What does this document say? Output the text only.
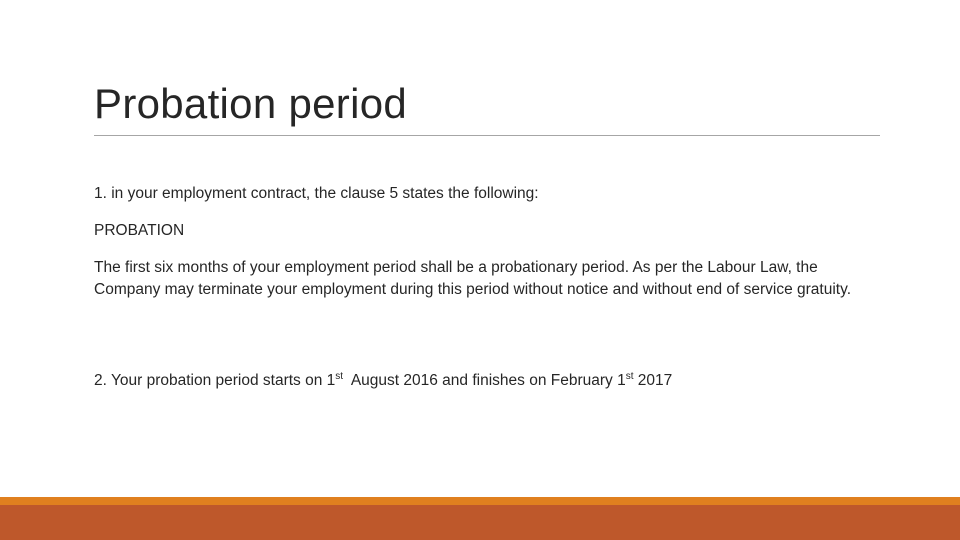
Probation period

1. in your employment contract, the clause 5 states the following:

PROBATION

The first six months of your employment period shall be a probationary period. As per the Labour Law, the Company may terminate your employment during this period without notice and without end of service gratuity.

2. Your probation period starts on 1st  August 2016 and finishes on February 1st 2017
